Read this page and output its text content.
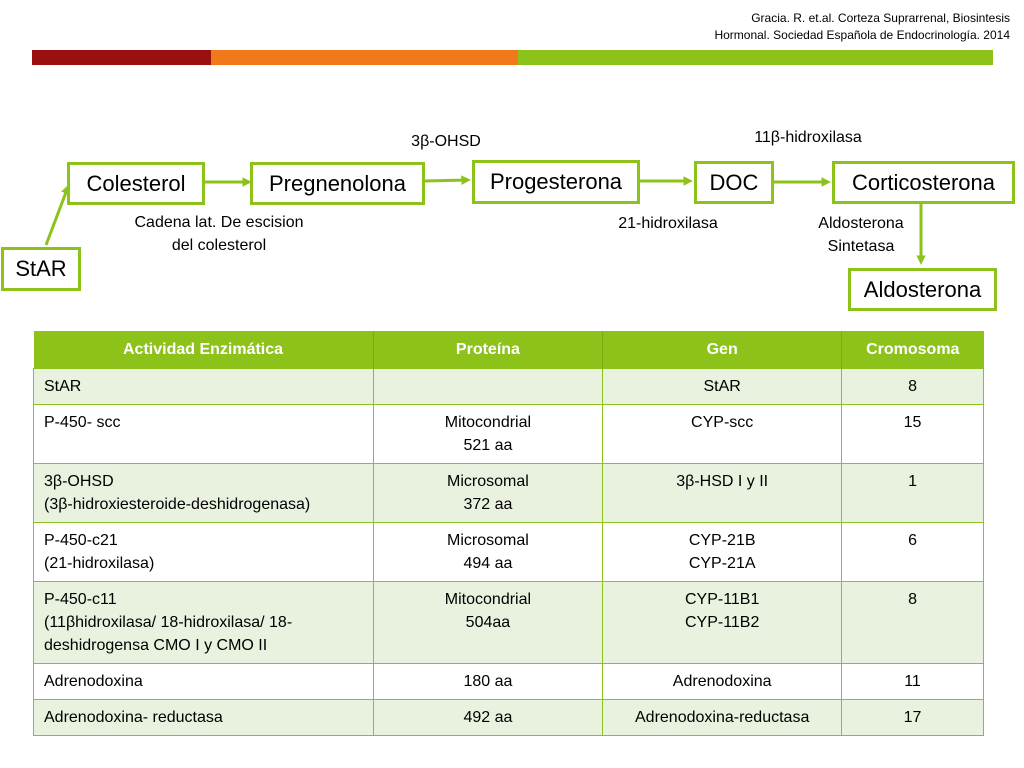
Gracia. R. et.al. Corteza Suprarrenal, Biosintesis
Hormonal. Sociedad Española de Endocrinología. 2014
StAR
Colesterol	Pregnenolona	Progesterona	DOC	Corticosterona
Aldosterona
Cadena lat. De escision
del colesterol
3β-OHSD
21-hidroxilasa
11β-hidroxilasa
Aldosterona
Sintetasa
Actividad Enzimática	Proteína	Gen	Cromosoma

StAR		StAR	8

P-450- scc	Mitocondrial
521 aa	CYP-scc	15

3β-OHSD
(3β-hidroxiesteroide-deshidrogenasa)	Microsomal
372 aa	3β-HSD I y II	1

P-450-c21
(21-hidroxilasa)	Microsomal
494 aa	CYP-21B
CYP-21A	6

P-450-c11
(11βhidroxilasa/ 18-hidroxilasa/ 18-
deshidrogensa CMO I y CMO II	Mitocondrial
504aa	CYP-11B1
CYP-11B2	8

Adrenodoxina	180 aa	Adrenodoxina	11

Adrenodoxina- reductasa	492 aa	Adrenodoxina-reductasa	17
